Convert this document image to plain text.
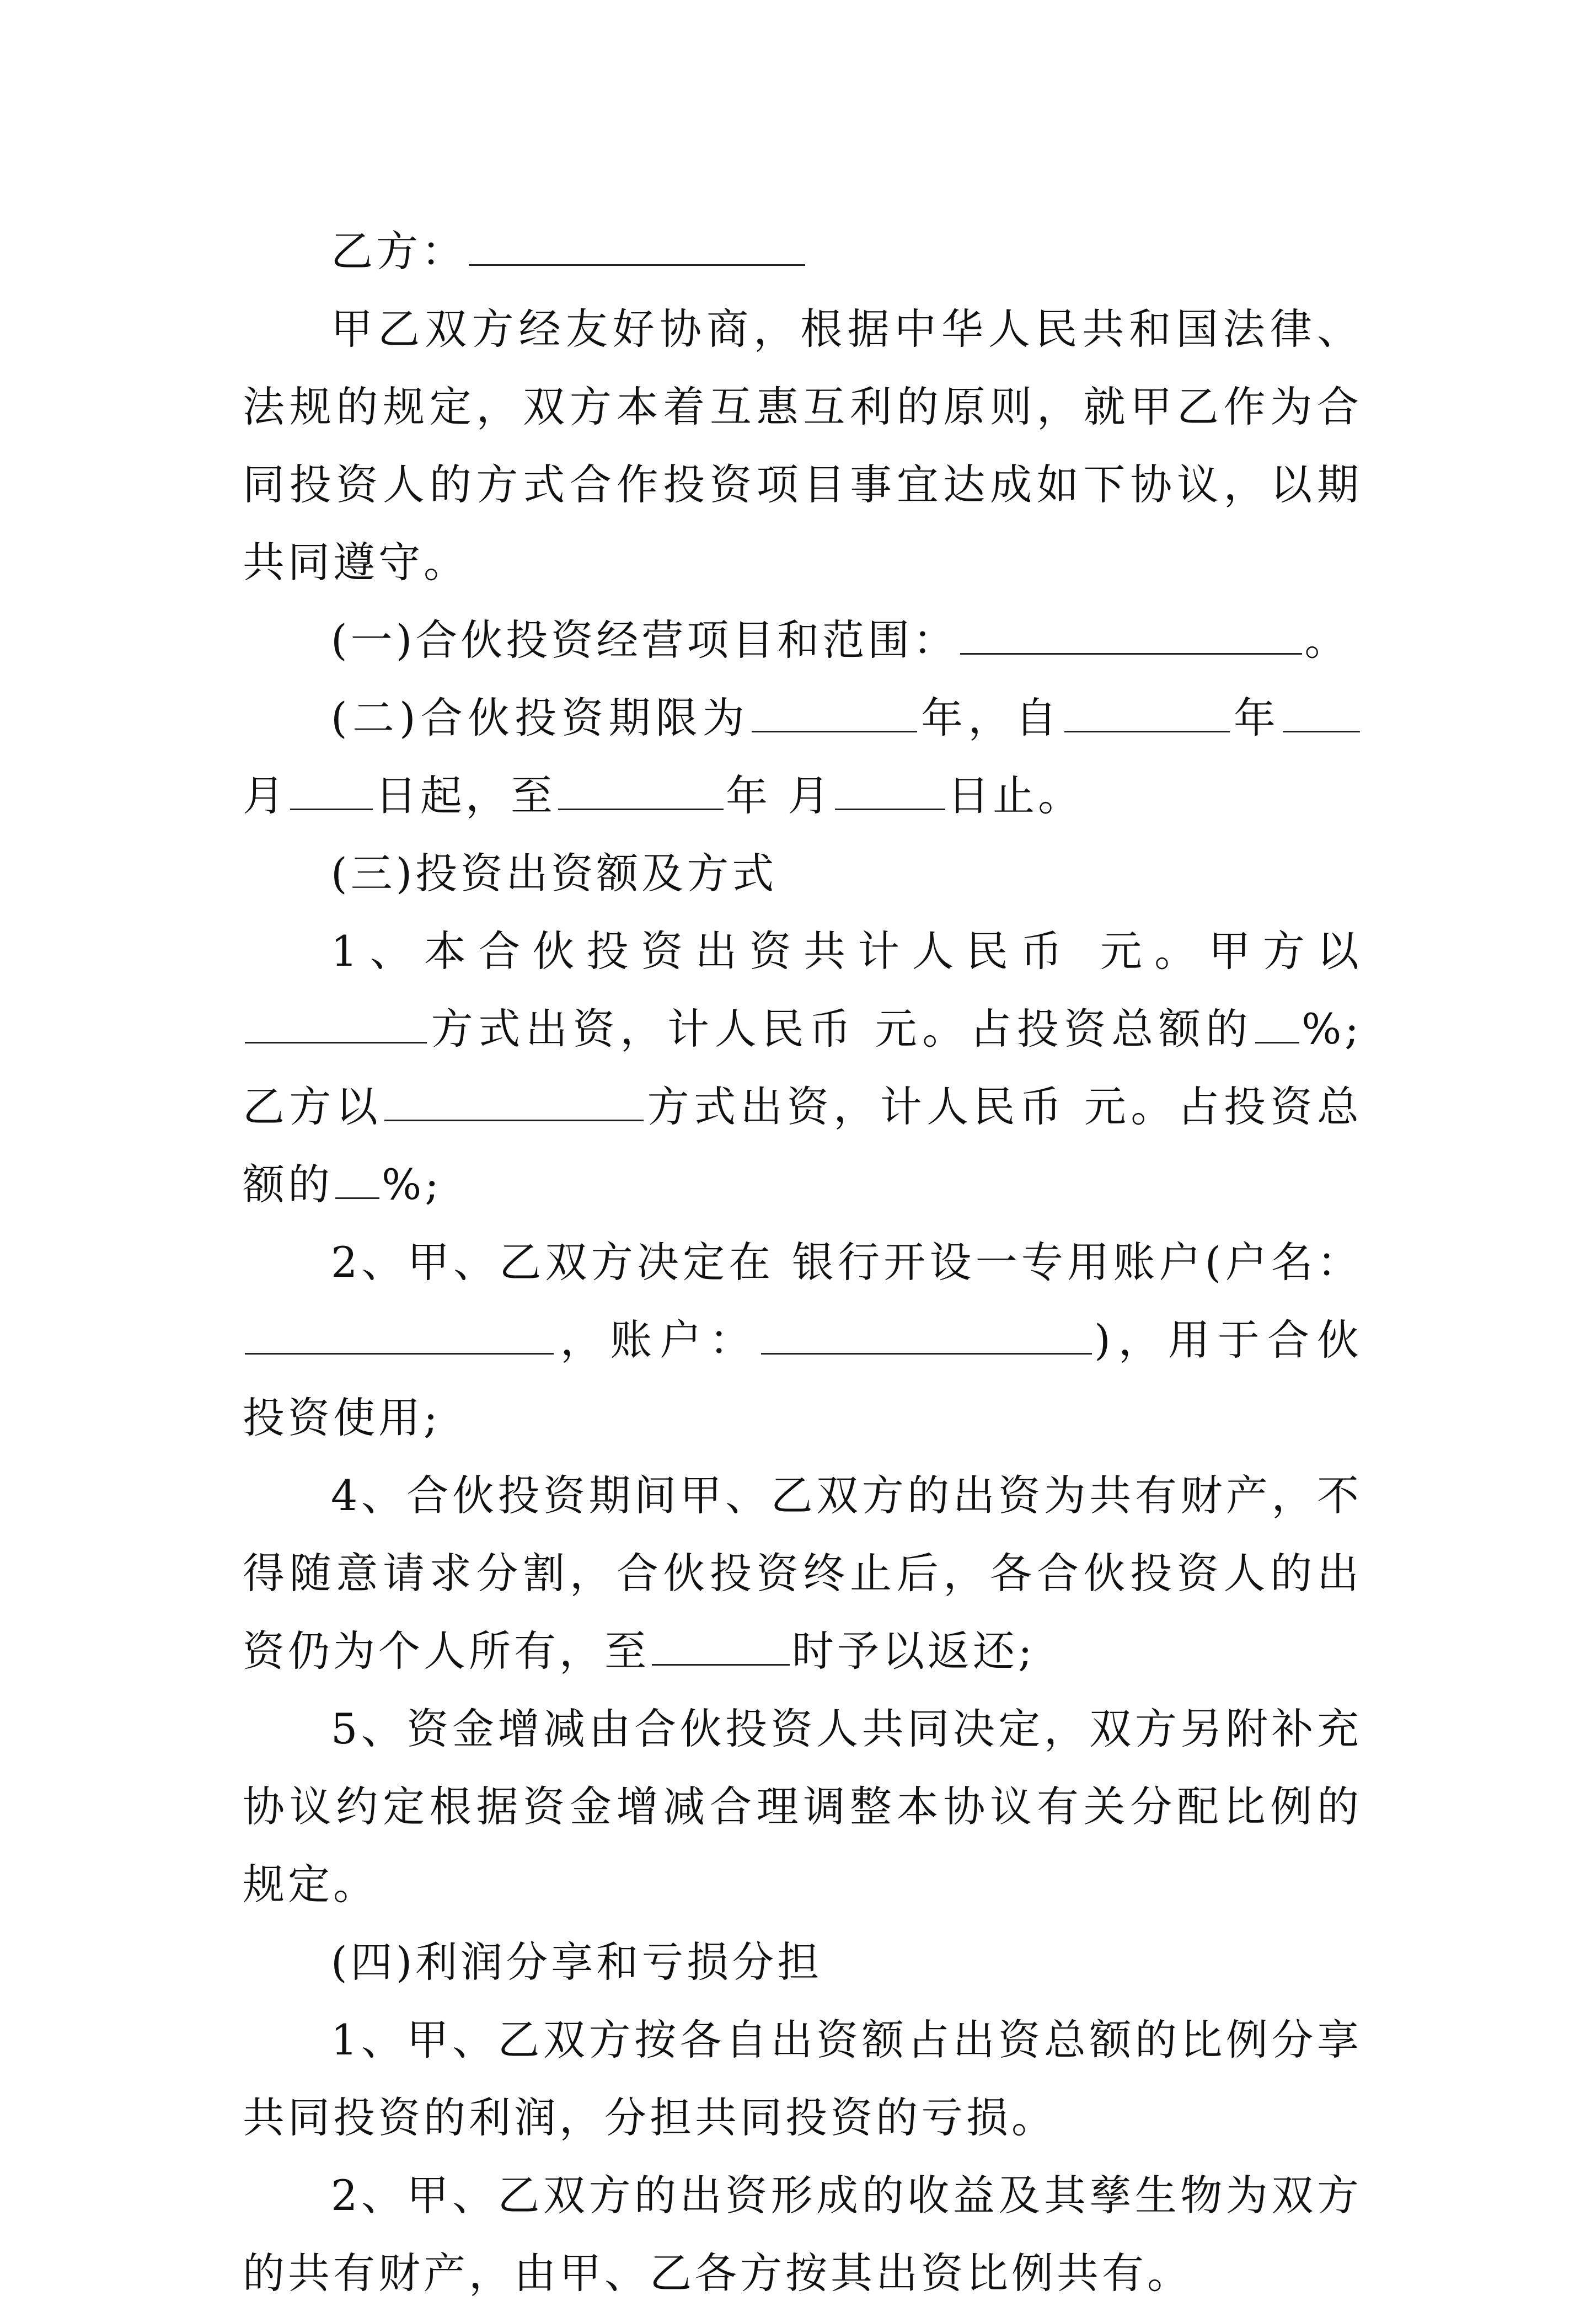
乙方：

甲乙双方经友好协商，根据中华人民共和国法律、法规的规定，双方本着互惠互利的原则，就甲乙作为合同投资人的方式合作投资项目事宜达成如下协议，以期共同遵守。

(一)合伙投资经营项目和范围：	。

(二)合伙投资期限为	年，自	年月 日起，至	年 月	日止。

(三)投资出资额及方式

1、本合伙投资出资共计人民币 元。甲方以方式出资，计人民币 元。占投资总额的 %;乙方以	方式出资，计人民币 元。占投资总额的 %;

2、甲、乙双方决定在 银行开设一专用账户(户名：，账户：	)，用于合伙投资使用;

4、合伙投资期间甲、乙双方的出资为共有财产，不得随意请求分割，合伙投资终止后，各合伙投资人的出资仍为个人所有，至	时予以返还;

5、资金增减由合伙投资人共同决定，双方另附补充协议约定根据资金增减合理调整本协议有关分配比例的规定。

(四)利润分享和亏损分担

1、甲、乙双方按各自出资额占出资总额的比例分享共同投资的利润，分担共同投资的亏损。

2、甲、乙双方的出资形成的收益及其孳生物为双方的共有财产，由甲、乙各方按其出资比例共有。
